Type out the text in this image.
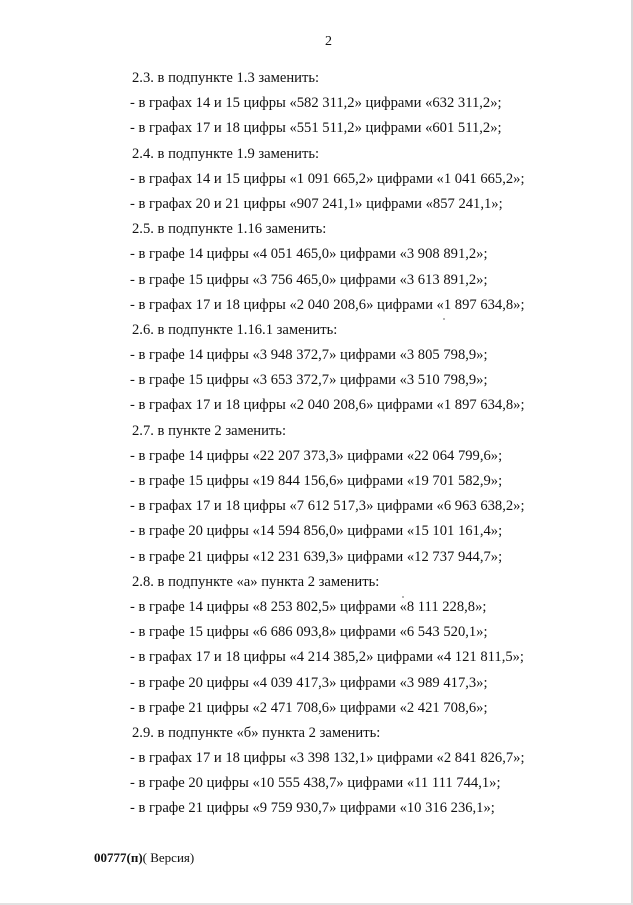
2
2.3. в подпункте 1.3 заменить:
- в графах 14 и 15 цифры «582 311,2» цифрами «632 311,2»;
- в графах 17 и 18 цифры «551 511,2» цифрами «601 511,2»;
2.4. в подпункте 1.9 заменить:
- в графах 14 и 15 цифры «1 091 665,2» цифрами «1 041 665,2»;
- в графах 20 и 21 цифры «907 241,1» цифрами «857 241,1»;
2.5. в подпункте 1.16 заменить:
- в графе 14 цифры «4 051 465,0» цифрами «3 908 891,2»;
- в графе 15 цифры «3 756 465,0» цифрами «3 613 891,2»;
- в графах 17 и 18 цифры «2 040 208,6» цифрами «1 897 634,8»;
2.6. в подпункте 1.16.1 заменить:
- в графе 14 цифры «3 948 372,7» цифрами «3 805 798,9»;
- в графе 15 цифры «3 653 372,7» цифрами «3 510 798,9»;
- в графах 17 и 18 цифры «2 040 208,6» цифрами «1 897 634,8»;
2.7. в пункте 2 заменить:
- в графе 14 цифры «22 207 373,3» цифрами «22 064 799,6»;
- в графе 15 цифры «19 844 156,6» цифрами «19 701 582,9»;
- в графах 17 и 18 цифры «7 612 517,3» цифрами «6 963 638,2»;
- в графе 20 цифры «14 594 856,0» цифрами «15 101 161,4»;
- в графе 21 цифры «12 231 639,3» цифрами «12 737 944,7»;
2.8. в подпункте «а» пункта 2 заменить:
- в графе 14 цифры «8 253 802,5» цифрами «8 111 228,8»;
- в графе 15 цифры «6 686 093,8» цифрами «6 543 520,1»;
- в графах 17 и 18 цифры «4 214 385,2» цифрами «4 121 811,5»;
- в графе 20 цифры «4 039 417,3» цифрами «3 989 417,3»;
- в графе 21 цифры «2 471 708,6» цифрами «2 421 708,6»;
2.9. в подпункте «б» пункта 2 заменить:
- в графах 17 и 18 цифры «3 398 132,1» цифрами «2 841 826,7»;
- в графе 20 цифры «10 555 438,7» цифрами «11 111 744,1»;
- в графе 21 цифры «9 759 930,7» цифрами «10 316 236,1»;
00777(п)( Версия)
